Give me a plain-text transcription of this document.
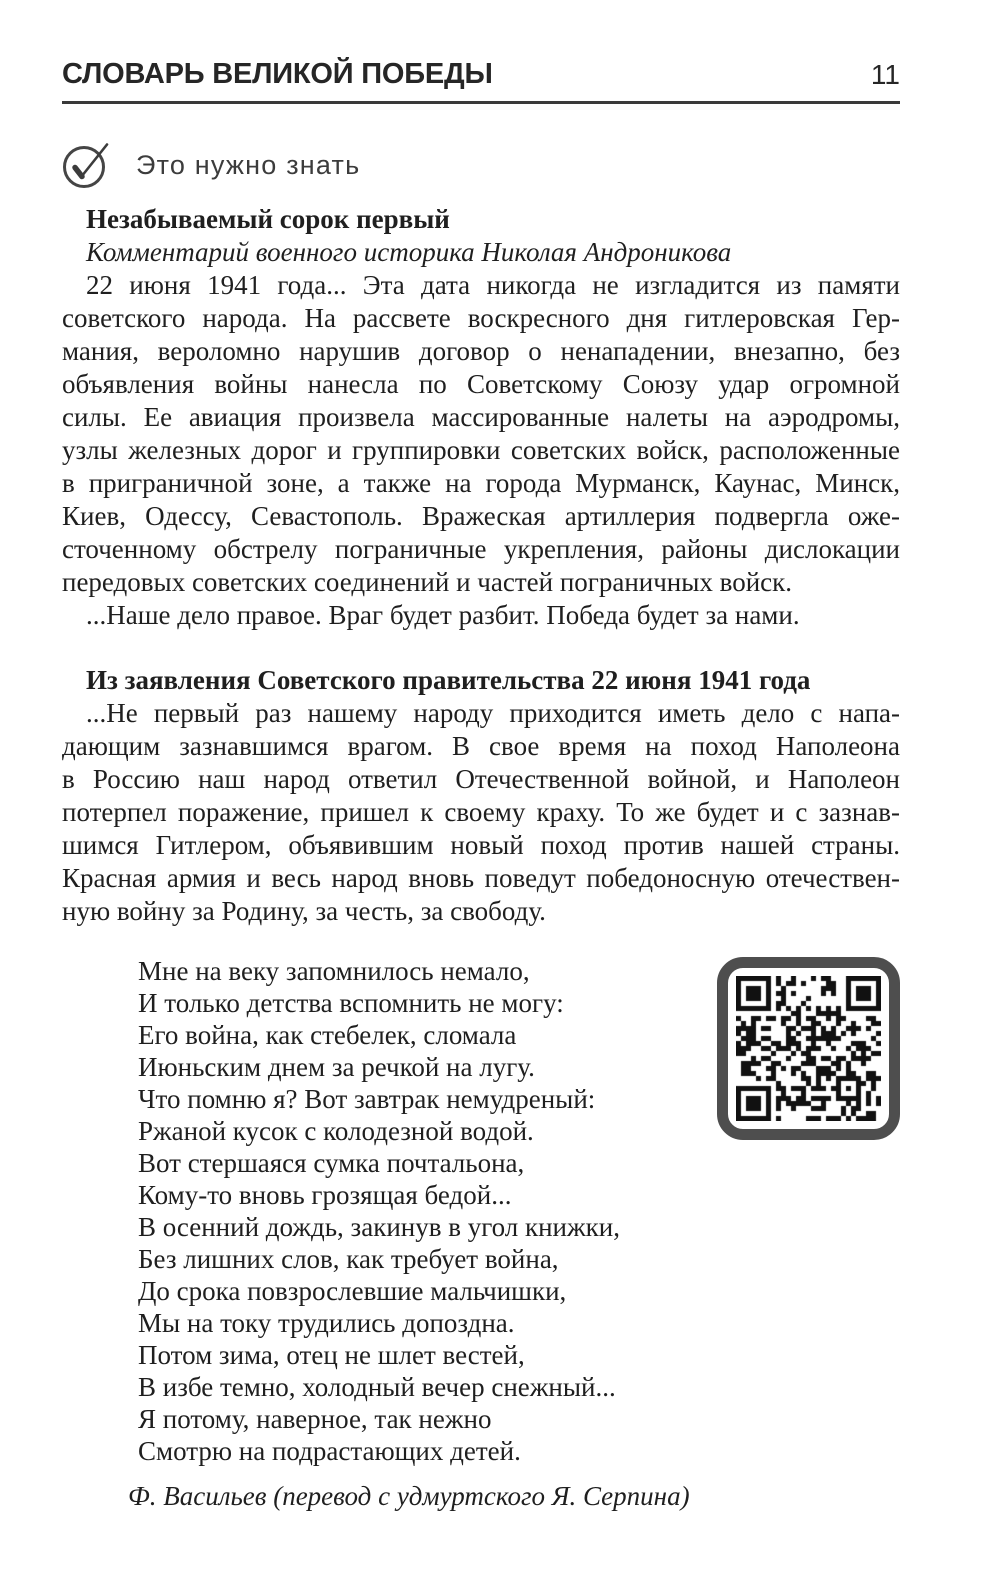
СЛОВАРЬ ВЕЛИКОЙ ПОБЕДЫ	11
Это нужно знать
Незабываемый сорок первый

Комментарий военного историка Николая Андроникова

22 июня 1941 года... Эта дата никогда не изгладится из памяти
советского народа. На рассвете воскресного дня гитлеровская Гер-
мания, вероломно нарушив договор о ненападении, внезапно, без
объявления войны нанесла по Советскому Союзу удар огромной
силы. Ее авиация произвела массированные налеты на аэродромы,
узлы железных дорог и группировки советских войск, расположенные
в приграничной зоне, а также на города Мурманск, Каунас, Минск,
Киев, Одессу, Севастополь. Вражеская артиллерия подвергла оже-
сточенному обстрелу пограничные укрепления, районы дислокации
передовых советских соединений и частей пограничных войск.
...Наше дело правое. Враг будет разбит. Победа будет за нами.
Из заявления Советского правительства 22 июня 1941 года
...Не первый раз нашему народу приходится иметь дело с напа-
дающим зазнавшимся врагом. В свое время на поход Наполеона
в Россию наш народ ответил Отечественной войной, и Наполеон
потерпел поражение, пришел к своему краху. То же будет и с зазнав-
шимся Гитлером, объявившим новый поход против нашей страны.
Красная армия и весь народ вновь поведут победоносную отечествен-
ную войну за Родину, за честь, за свободу.
Мне на веку запомнилось немало,
И только детства вспомнить не могу:
Его война, как стебелек, сломала
Июньским днем за речкой на лугу.
Что помню я? Вот завтрак немудреный:
Ржаной кусок с колодезной водой.
Вот стершаяся сумка почтальона,
Кому-то вновь грозящая бедой...
В осенний дождь, закинув в угол книжки,
Без лишних слов, как требует война,
До срока повзрослевшие мальчишки,
Мы на току трудились допоздна.
Потом зима, отец не шлет вестей,
В избе темно, холодный вечер снежный...
Я потому, наверное, так нежно
Смотрю на подрастающих детей.

Ф. Васильев (перевод с удмуртского Я. Серпина)
